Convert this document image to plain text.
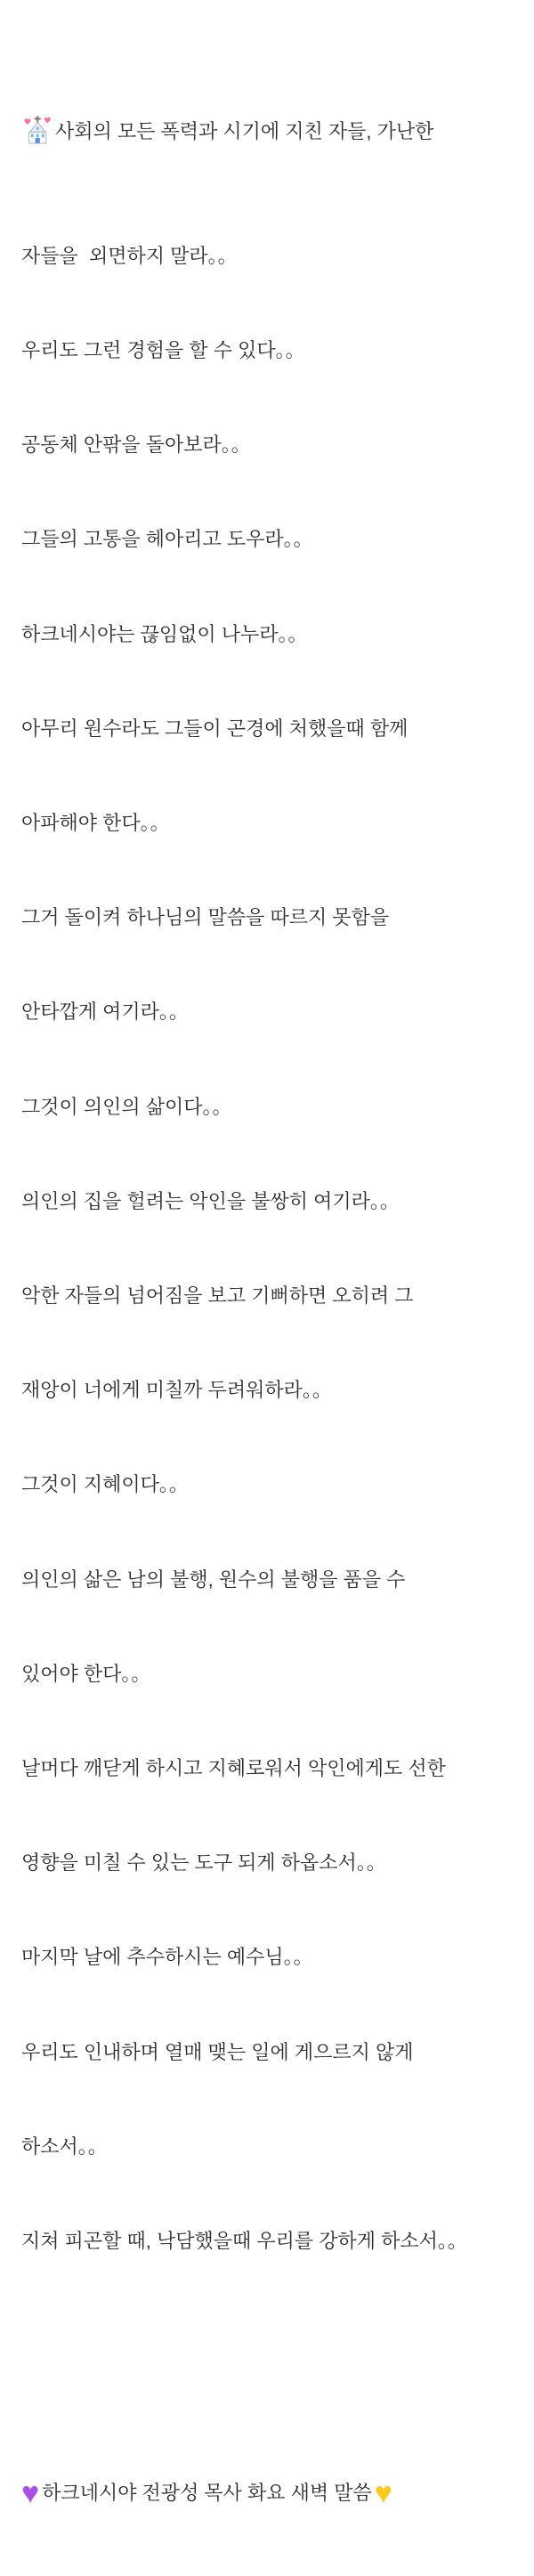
사회의 모든 폭력과 시기에 지친 자들, 가난한

자들을  외면하지 말라。。

우리도 그런 경험을 할 수 있다。。

공동체 안팎을 돌아보라。。

그들의 고통을 헤아리고 도우라。。

하크네시야는 끊임없이 나누라。。

아무리 원수라도 그들이 곤경에 처했을때 함께

아파해야 한다。。

그거 돌이켜 하나님의 말씀을 따르지 못함을

안타깝게 여기라。。

그것이 의인의 삶이다。。

의인의 집을 헐려는 악인을 불쌍히 여기라。。

악한 자들의 넘어짐을 보고 기뻐하면 오히려 그

재앙이 너에게 미칠까 두려워하라。。

그것이 지혜이다。。

의인의 삶은 남의 불행, 원수의 불행을 품을 수

있어야 한다。。

날머다 깨닫게 하시고 지혜로워서 악인에게도 선한

영향을 미칠 수 있는 도구 되게 하옵소서。。

마지막 날에 추수하시는 예수님。。

우리도 인내하며 열매 맺는 일에 게으르지 않게

하소서。。

지쳐 피곤할 때, 낙담했을때 우리를 강하게 하소서。。

♥ 하크네시야 전광성 목사 화요 새벽 말씀♥
